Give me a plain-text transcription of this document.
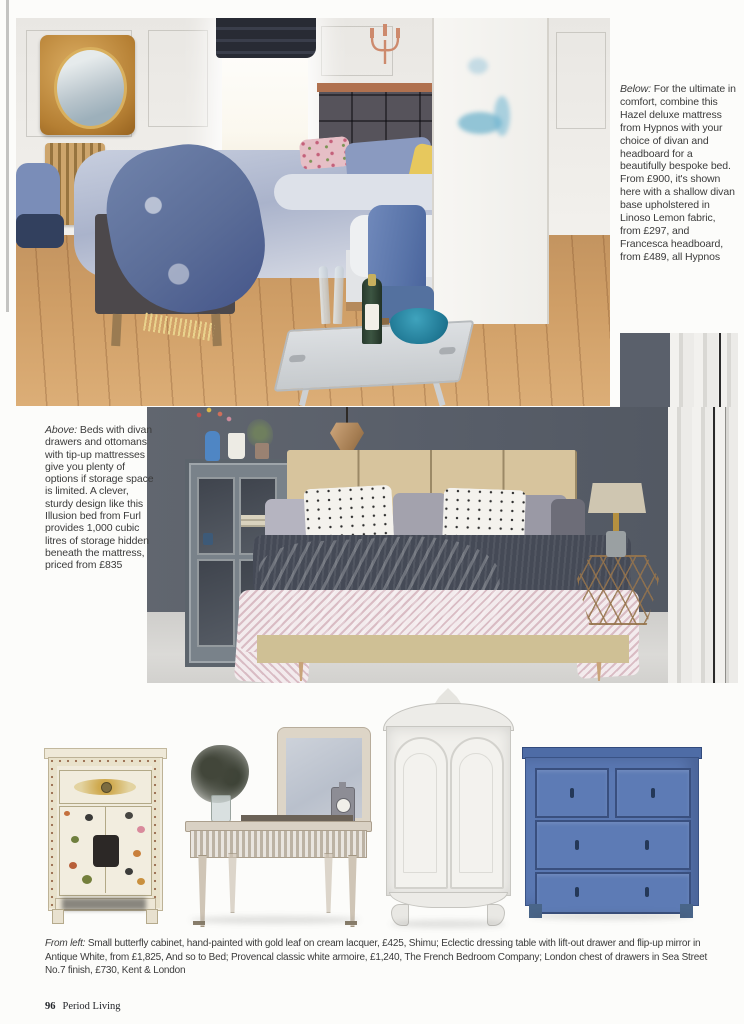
Below: For the ultimate in comfort, combine this Hazel deluxe mattress from Hypnos with your choice of divan and headboard for a beautifully bespoke bed. From £900, it's shown here with a shallow divan base upholstered in Linoso Lemon fabric, from £297, and Francesca headboard, from £489, all Hypnos
Above: Beds with divan drawers and ottomans with tip-up mattresses give you plenty of options if storage space is limited. A clever, sturdy design like this Illusion bed from Furl provides 1,000 cubic litres of storage hidden beneath the mattress, priced from £835
From left: Small butterfly cabinet, hand-painted with gold leaf on cream lacquer, £425, Shimu; Eclectic dressing table with lift-out drawer and flip-up mirror in Antique White, from £1,825, And so to Bed; Provencal classic white armoire, £1,240, The French Bedroom Company; London chest of drawers in Sea Street No.7 finish, £730, Kent & London
96 Period Living
